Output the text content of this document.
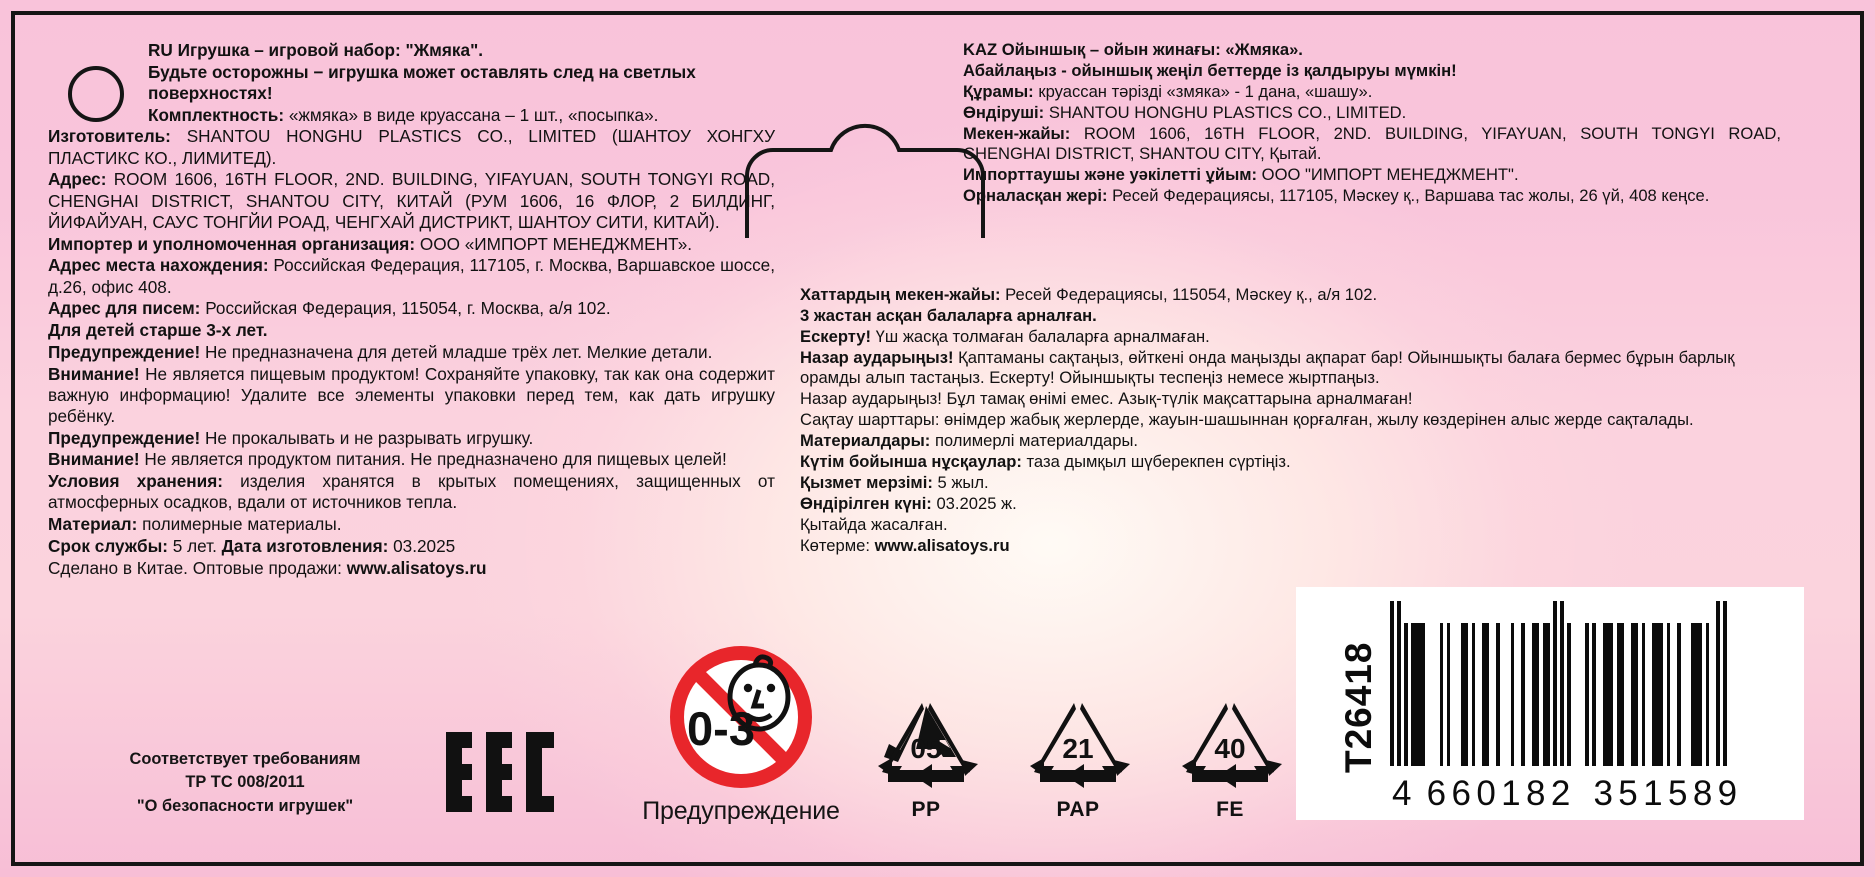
RU Игрушка – игровой набор: "Жмяка".

Будьте осторожны − игрушка может оставлять след на светлых поверхностях!

Комплектность: «жмяка» в виде круассана – 1 шт., «посыпка».

Изготовитель: SHANTOU HONGHU PLASTICS CO., LIMITED (ШАНТОУ ХОНГХУ ПЛАСТИКС КО., ЛИМИТЕД).

Адрес: ROOM 1606, 16TH FLOOR, 2ND. BUILDING, YIFAYUAN, SOUTH TONGYI ROAD, CHENGHAI DISTRICT, SHANTOU CITY, КИТАЙ (РУМ 1606, 16 ФЛОР, 2 БИЛДИНГ, ЙИФАЙУАН, САУС ТОНГЙИ РОАД, ЧЕНГХАЙ ДИСТРИКТ, ШАНТОУ СИТИ, КИТАЙ).

Импортер и уполномоченная организация: ООО «ИМПОРТ МЕНЕДЖМЕНТ».

Адрес места нахождения: Российская Федерация, 117105, г. Москва, Варшавское шоссе, д.26, офис 408.

Адрес для писем: Российская Федерация, 115054, г. Москва, а/я 102.

Для детей старше 3-х лет.

Предупреждение! Не предназначена для детей младше трёх лет. Мелкие детали.

Внимание! Не является пищевым продуктом! Сохраняйте упаковку, так как она содержит важную информацию! Удалите все элементы упаковки перед тем, как дать игрушку ребёнку.

Предупреждение! Не прокалывать и не разрывать игрушку.

Внимание! Не является продуктом питания. Не предназначено для пищевых целей!

Условия хранения: изделия хранятся в крытых помещениях, защищенных от атмосферных осадков, вдали от источников тепла.

Материал: полимерные материалы.

Срок службы: 5 лет. Дата изготовления: 03.2025

Сделано в Китае. Оптовые продажи: www.alisatoys.ru

KAZ Ойыншық – ойын жинағы: «Жмяка».

Абайлаңыз - ойыншық жеңіл беттерде із қалдыруы мүмкін!

Құрамы: круассан тәрізді «змяка» - 1 дана, «шашу».

Өндіруші: SHANTOU HONGHU PLASTICS CO., LIMITED.

Мекен-жайы: ROOM 1606, 16TH FLOOR, 2ND. BUILDING, YIFAYUAN, SOUTH TONGYI ROAD, CHENGHAI DISTRICT, SHANTOU CITY, Қытай.

Импорттаушы және уәкілетті ұйым: ООО "ИМПОРТ МЕНЕДЖМЕНТ".

Орналасқан жері: Ресей Федерациясы, 117105, Мәскеу қ., Варшава тас жолы, 26 үй, 408 кеңсе.

Хаттардың мекен-жайы: Ресей Федерациясы, 115054, Мәскеу қ., а/я 102.

3 жастан асқан балаларға арналған.

Ескерту! Үш жасқа толмаған балаларға арналмаған.

Назар аударыңыз! Қаптаманы сақтаңыз, өйткені онда маңызды ақпарат бар! Ойыншықты балаға бермес бұрын барлық орамды алып тастаңыз. Ескерту! Ойыншықты теспеңіз немесе жыртпаңыз.

Назар аударыңыз! Бұл тамақ өнімі емес. Азық-түлік мақсаттарына арналмаған!

Сақтау шарттары: өнімдер жабық жерлерде, жауын-шашыннан қорғалған, жылу көздерінен алыс жерде сақталады.

Материалдары: полимерлі материалдары.

Күтім бойынша нұсқаулар: таза дымқыл шүберекпен сүртіңіз.

Қызмет мерзімі: 5 жыл.

Өндірілген күні: 03.2025 ж.

Қытайда жасалған.

Көтерме: www.alisatoys.ru

Соответствует требованиям
ТР ТС 008/2011
"О безопасности игрушек"
0-3
Предупреждение
05
PP
21
PAP
40
FE
T26418
4 6 6 0 1 8 2 3 5 1 5 8 9
